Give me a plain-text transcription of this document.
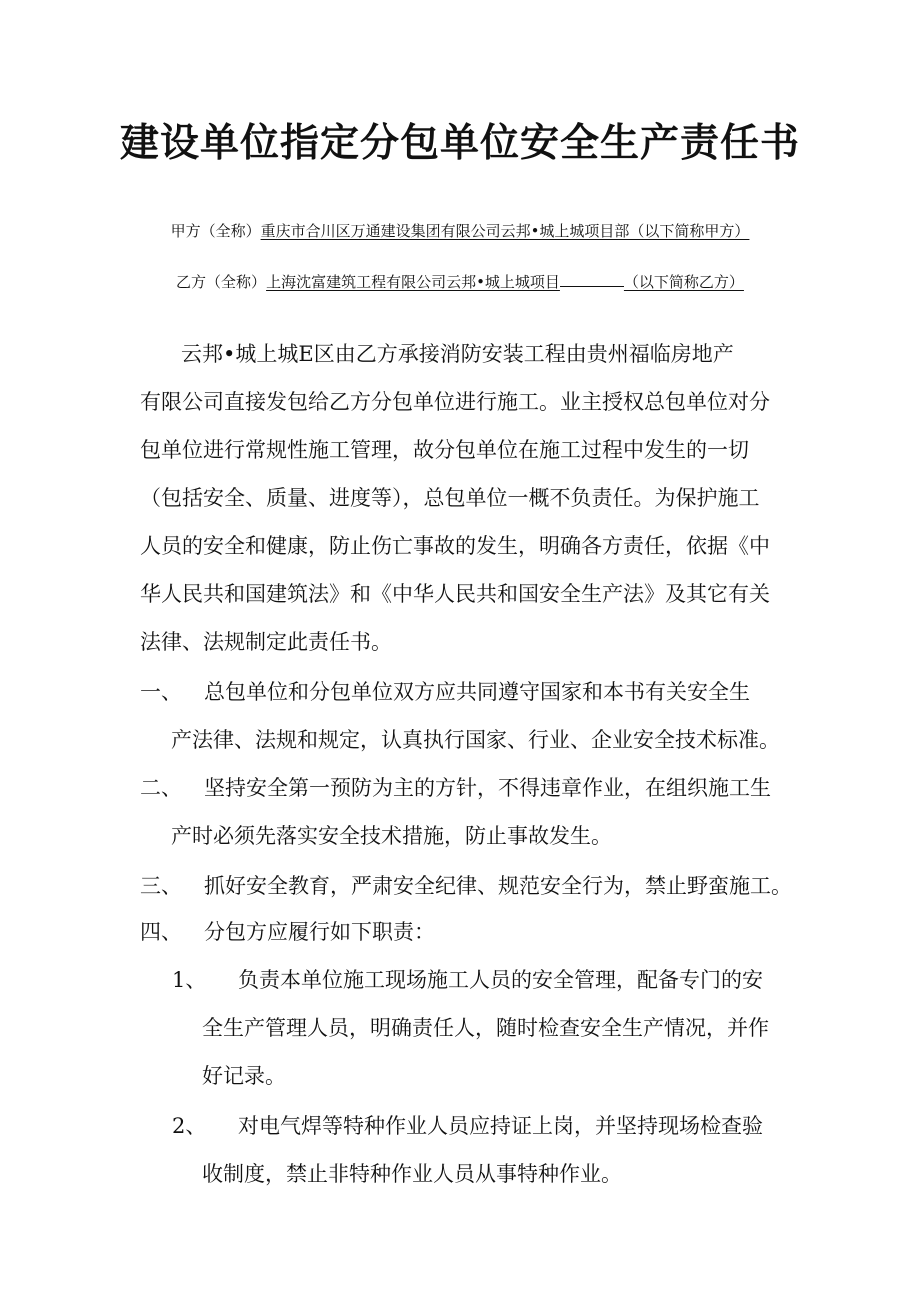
建设单位指定分包单位安全生产责任书
甲方（全称）重庆市合川区万通建设集团有限公司云邦•城上城项目部（以下简称甲方）
乙方（全称）上海沈富建筑工程有限公司云邦•城上城项目	（以下简称乙方）
云邦•城上城E区由乙方承接消防安装工程由贵州福临房地产
有限公司直接发包给乙方分包单位进行施工。业主授权总包单位对分
包单位进行常规性施工管理，故分包单位在施工过程中发生的一切
（包括安全、质量、进度等），总包单位一概不负责任。为保护施工
人员的安全和健康，防止伤亡事故的发生，明确各方责任，依据《中
华人民共和国建筑法》和《中华人民共和国安全生产法》及其它有关
法律、法规制定此责任书。
一、 总包单位和分包单位双方应共同遵守国家和本书有关安全生
产法律、法规和规定，认真执行国家、行业、企业安全技术标准。
二、 坚持安全第一预防为主的方针，不得违章作业，在组织施工生
产时必须先落实安全技术措施，防止事故发生。
三、 抓好安全教育，严肃安全纪律、规范安全行为，禁止野蛮施工。
四、 分包方应履行如下职责：
1、 负责本单位施工现场施工人员的安全管理，配备专门的安
全生产管理人员，明确责任人，随时检查安全生产情况，并作
好记录。
2、 对电气焊等特种作业人员应持证上岗，并坚持现场检查验
收制度，禁止非特种作业人员从事特种作业。
